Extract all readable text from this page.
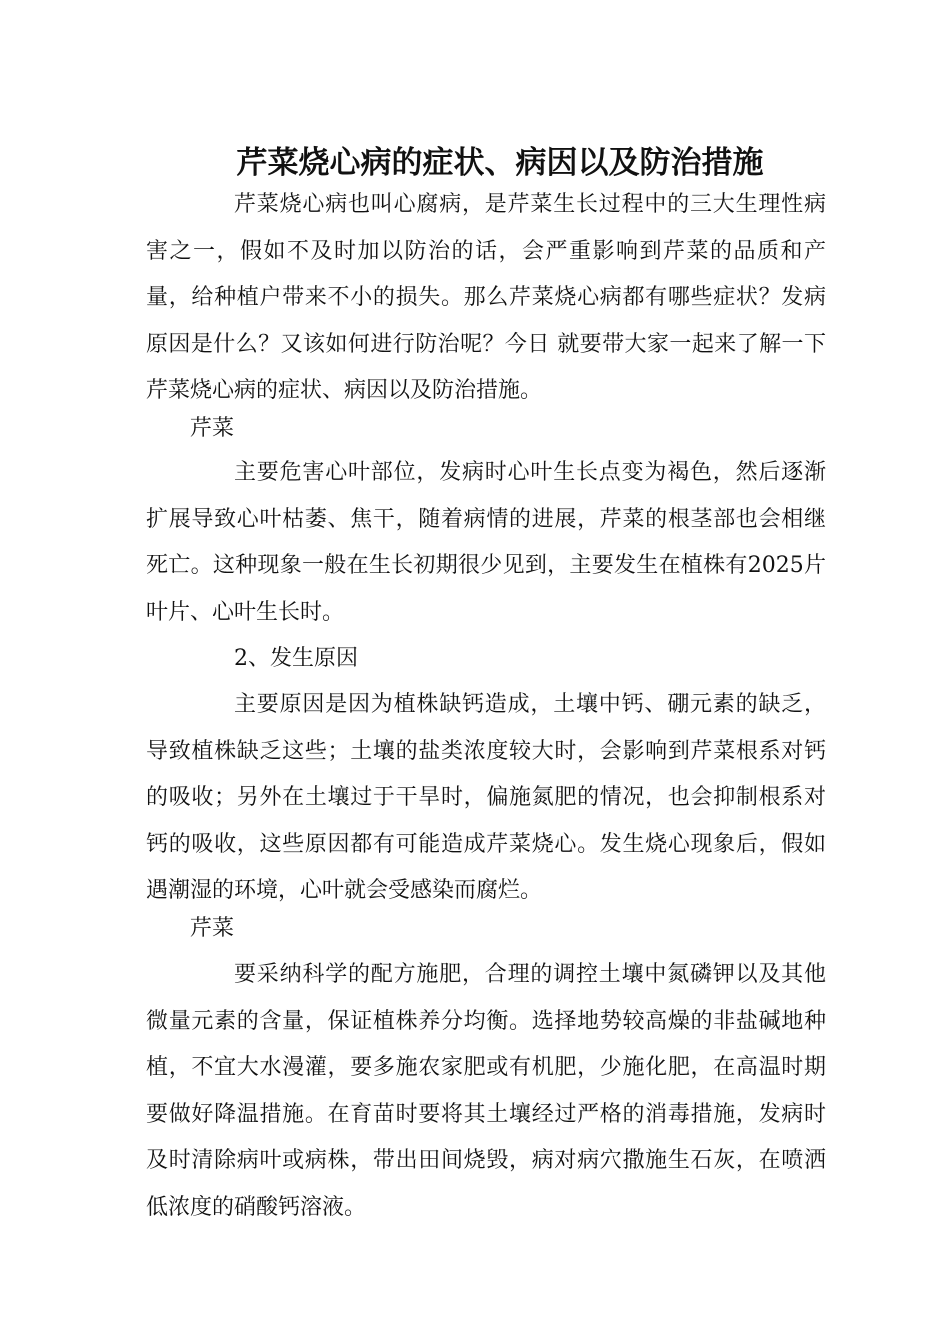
芹菜烧心病的症状、病因以及防治措施

芹菜烧心病也叫心腐病，是芹菜生长过程中的三大生理性病害之一，假如不及时加以防治的话，会严重影响到芹菜的品质和产量，给种植户带来不小的损失。那么芹菜烧心病都有哪些症状？发病原因是什么？又该如何进行防治呢？今日 就要带大家一起来了解一下芹菜烧心病的症状、病因以及防治措施。

芹菜

主要危害心叶部位，发病时心叶生长点变为褐色，然后逐渐扩展导致心叶枯萎、焦干，随着病情的进展，芹菜的根茎部也会相继死亡。这种现象一般在生长初期很少见到，主要发生在植株有2025片叶片、心叶生长时。

2、发生原因

主要原因是因为植株缺钙造成，土壤中钙、硼元素的缺乏，导致植株缺乏这些；土壤的盐类浓度较大时，会影响到芹菜根系对钙的吸收；另外在土壤过于干旱时，偏施氮肥的情况，也会抑制根系对钙的吸收，这些原因都有可能造成芹菜烧心。发生烧心现象后，假如遇潮湿的环境，心叶就会受感染而腐烂。

芹菜

要采纳科学的配方施肥，合理的调控土壤中氮磷钾以及其他微量元素的含量，保证植株养分均衡。选择地势较高燥的非盐碱地种植，不宜大水漫灌，要多施农家肥或有机肥，少施化肥，在高温时期要做好降温措施。在育苗时要将其土壤经过严格的消毒措施，发病时及时清除病叶或病株，带出田间烧毁，病对病穴撒施生石灰，在喷洒低浓度的硝酸钙溶液。
